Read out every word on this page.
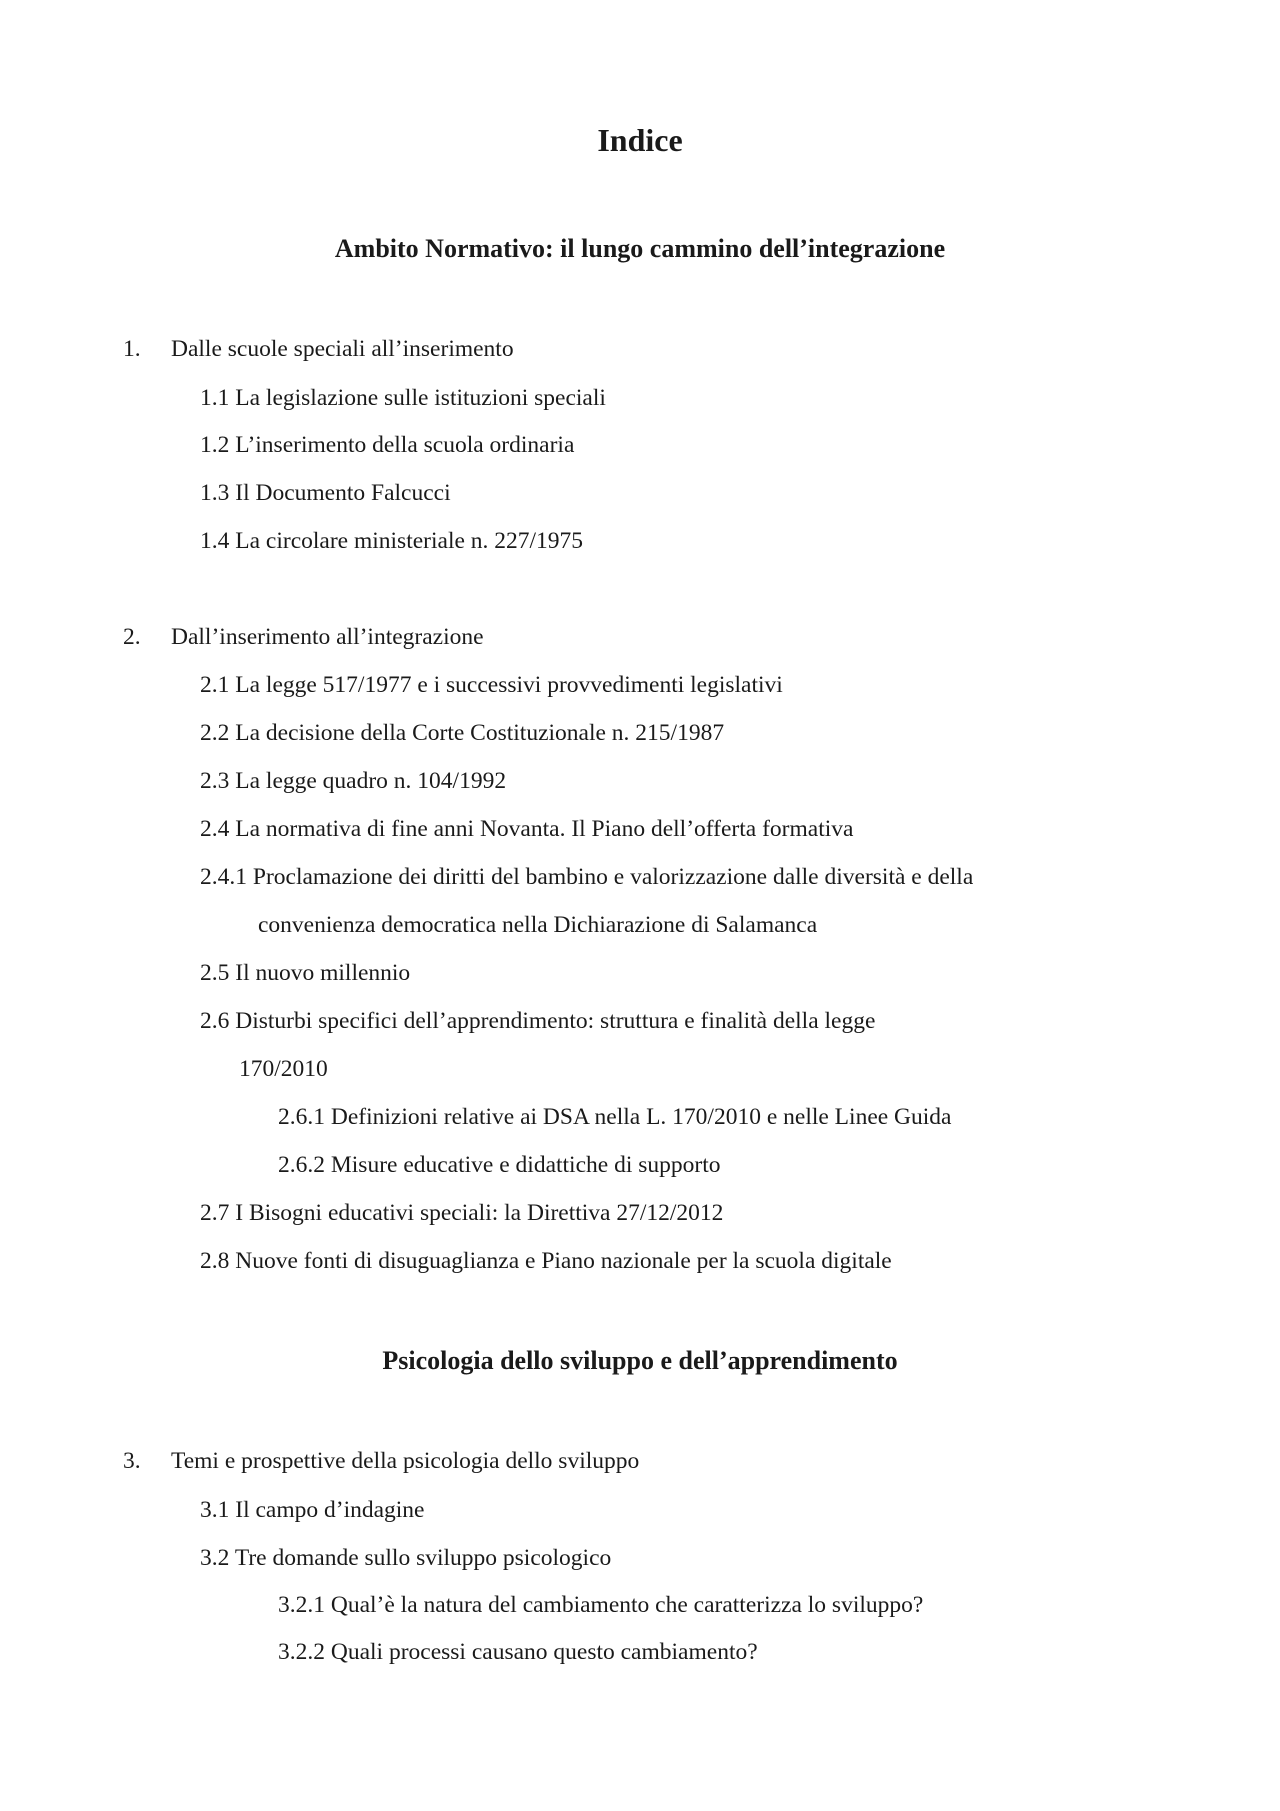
Indice
Ambito Normativo: il lungo cammino dell’integrazione
1. Dalle scuole speciali all’inserimento
1.1 La legislazione sulle istituzioni speciali
1.2 L’inserimento della scuola ordinaria
1.3 Il Documento Falcucci
1.4 La circolare ministeriale n. 227/1975
2. Dall’inserimento all’integrazione
2.1 La legge 517/1977 e i successivi provvedimenti legislativi
2.2 La decisione della Corte Costituzionale n. 215/1987
2.3 La legge quadro n. 104/1992
2.4 La normativa di fine anni Novanta. Il Piano dell’offerta formativa
2.4.1 Proclamazione dei diritti del bambino e valorizzazione dalle diversità e della
convenienza democratica nella Dichiarazione di Salamanca
2.5 Il nuovo millennio
2.6 Disturbi specifici dell’apprendimento: struttura e finalità della legge
170/2010
2.6.1 Definizioni relative ai DSA nella L. 170/2010 e nelle Linee Guida
2.6.2 Misure educative e didattiche di supporto
2.7 I Bisogni educativi speciali: la Direttiva 27/12/2012
2.8 Nuove fonti di disuguaglianza e Piano nazionale per la scuola digitale
Psicologia dello sviluppo e dell’apprendimento
3. Temi e prospettive della psicologia dello sviluppo
3.1 Il campo d’indagine
3.2 Tre domande sullo sviluppo psicologico
3.2.1 Qual’è la natura del cambiamento che caratterizza lo sviluppo?
3.2.2 Quali processi causano questo cambiamento?
